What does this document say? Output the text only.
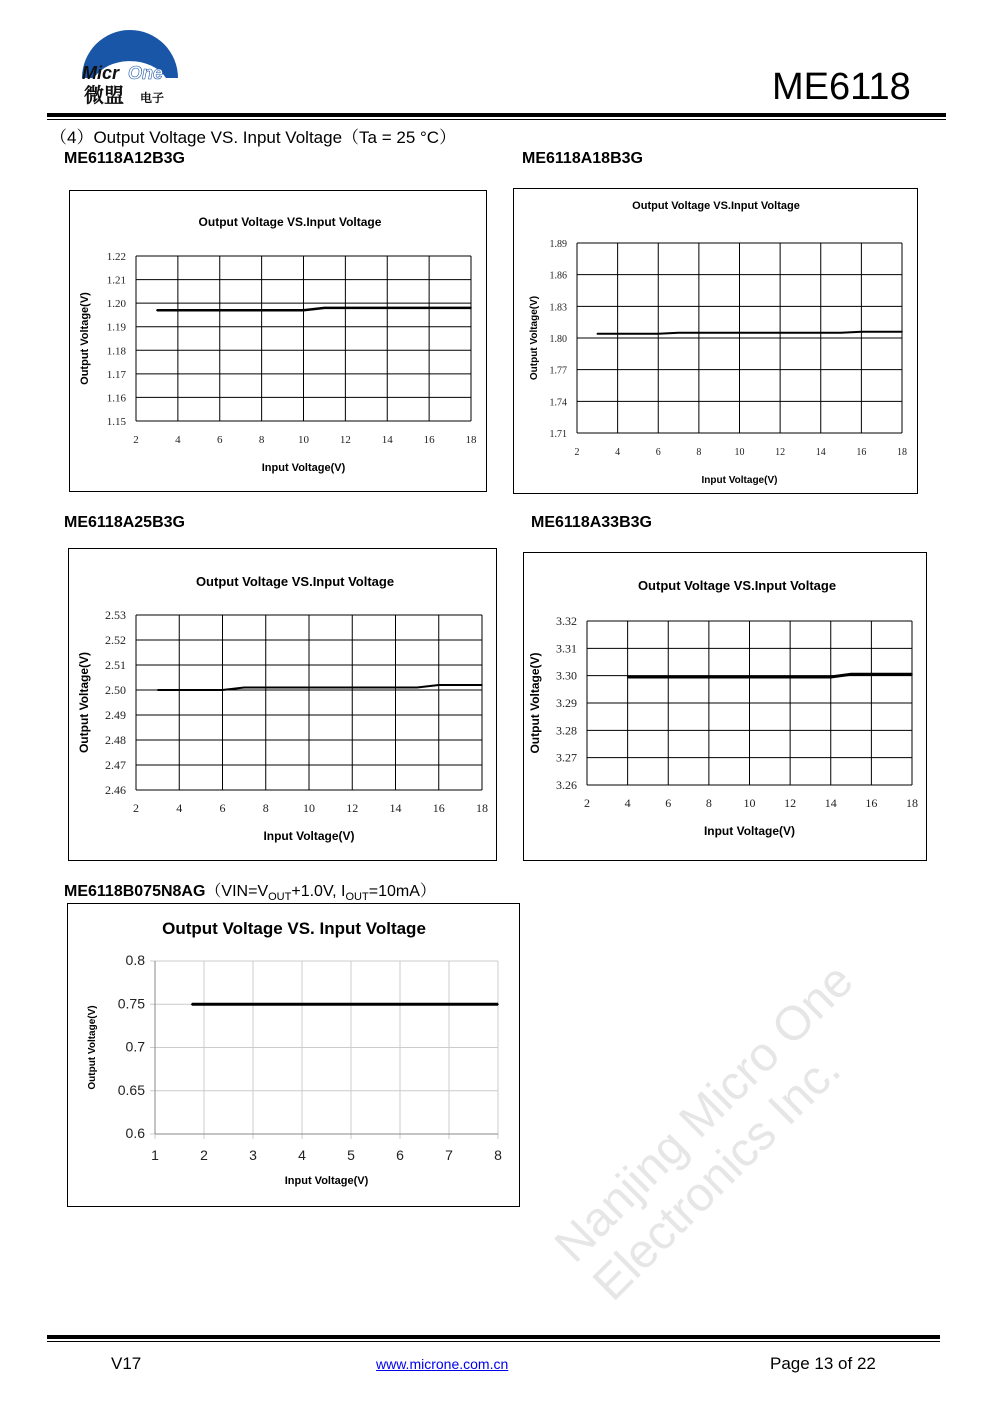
Nanjing Micro One Electronics Inc.
Micr One
微盟 电子	ME6118
（4）Output Voltage VS. Input Voltage（Ta = 25 °C）
ME6118A12B3G	ME6118A18B3G
ME6118A25B3G	ME6118A33B3G
$ME6118B075N8AG(VIN=V_{OUT}+1.0V$, $I_{OUT}=10mA$）
Output Voltage VS.Input Voltage
1.22
1.21
1.20
1.19
1.18
1.17
1.16
1.15
2	4	6	8	10	12	14	16	18
Input Voltage(V)
Output Voltage(V)
Output Voltage VS.Input Voltage
1.89
1.86
1.83
1.80
1.77
1.74
1.71
2	4	6	8	10	12	14	16	18
Input Voltage(V)
Output Voltage(V)
Output Voltage VS.Input Voltage
2.53
2.52
2.51
2.50
2.49
2.48
2.47
2.46
2	4	6	8	10	12	14	16	18
Input Voltage(V)
Output Voltage(V)
Output Voltage VS.Input Voltage
3.32
3.31
3.30
3.29
3.28
3.27
3.26
2	4	6	8	10 12 14 16 18
Input Voltage(V)
Output Voltage(V)
Output Voltage VS. Input Voltage
0.8
0.75
0.7
0.65
0.6
1	2	3	4	5	6	7	8
Input Voltage(V)
Output Voltage(V)
V17	www.microne.com.cn	Page 13 of 22
